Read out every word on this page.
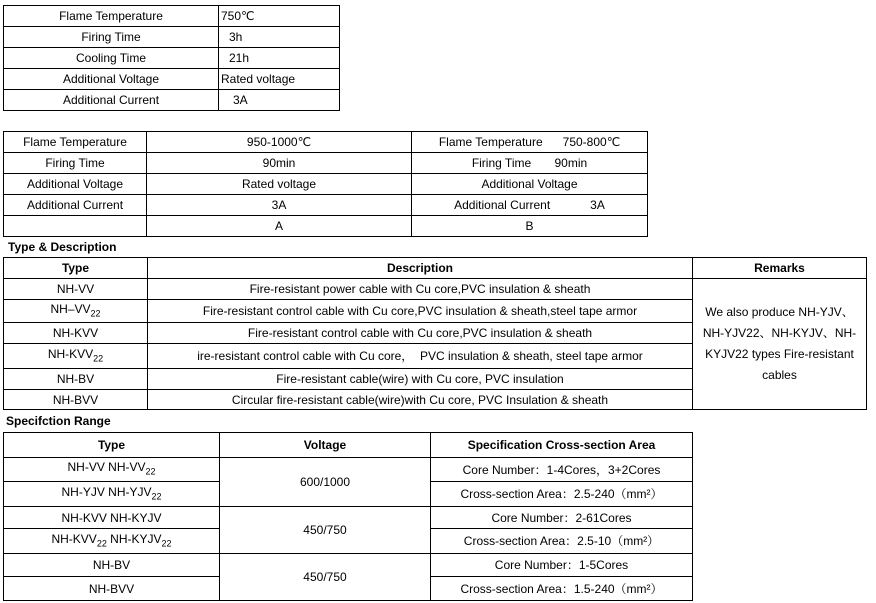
Flame Temperature	750℃
Firing Time	3h
Cooling Time	21h
Additional Voltage	Rated voltage
Additional Current	3A
Flame Temperature	950-1000℃	Flame Temperature      750-800℃
Firing Time	90min	Firing Time       90min
Additional Voltage	Rated voltage	Additional Voltage
Additional Current	3A	Additional Current            3A
	A	B
Type & Description
Type	Description	Remarks
NH-VV	Fire-resistant power cable with Cu core,PVC insulation & sheath	We also produce NH-YJV、NH-YJV22、NH-KYJV、NH-KYJV22 types Fire-resistant cables
$NH-VV_{22}$	Fire-resistant control cable with Cu core,PVC insulation & sheath,steel tape armor	
NH-KVV	Fire-resistant control cable with Cu core,PVC insulation & sheath	
$NH-KVV_{22}$	ire-resistant control cable with Cu core，  PVC insulation & sheath, steel tape armor	
NH-BV	Fire-resistant cable(wire) with Cu core, PVC insulation	
NH-BVV	Circular fire-resistant cable(wire)with Cu core, PVC Insulation & sheath	
Specifction Range
Type	Voltage	Specification Cross-section Area
NH-VV $NH-VV_{22}$	600/1000	Core Number：1-4Cores，3+2Cores
NH-YJV $NH-YJV_{22}$		Cross-section Area：2.5-240（mm²）
NH-KVV NH-KYJV	450/750	Core Number：2-61Cores
$NH-KVV_{22}$ $NH-KYJV_{22}$		Cross-section Area：2.5-10（mm²）
NH-BV	450/750	Core Number：1-5Cores
NH-BVV		Cross-section Area：1.5-240（mm²）
